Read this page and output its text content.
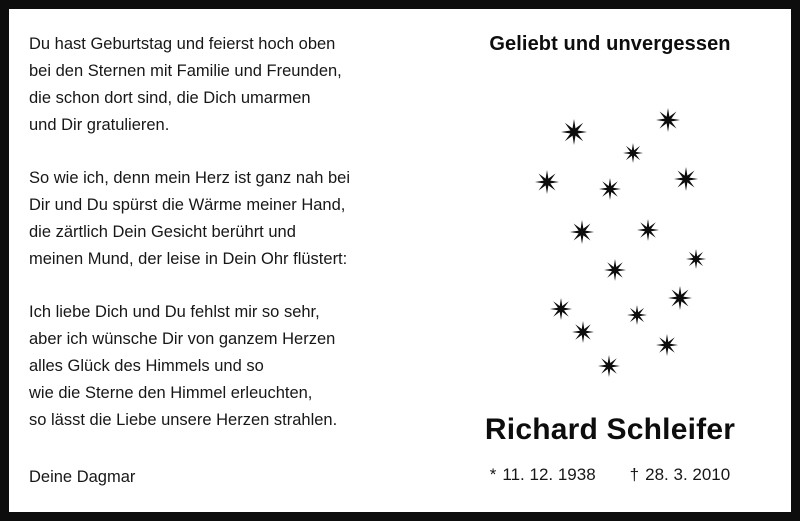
Du hast Geburtstag und feierst hoch oben
bei den Sternen mit Familie und Freunden,
die schon dort sind, die Dich umarmen
und Dir gratulieren.
So wie ich, denn mein Herz ist ganz nah bei
Dir und Du spürst die Wärme meiner Hand,
die zärtlich Dein Gesicht berührt und
meinen Mund, der leise in Dein Ohr flüstert:
Ich liebe Dich und Du fehlst mir so sehr,
aber ich wünsche Dir von ganzem Herzen
alles Glück des Himmels und so
wie die Sterne den Himmel erleuchten,
so lässt die Liebe unsere Herzen strahlen.
Deine Dagmar
Geliebt und unvergessen
Richard Schleifer
* 11. 12. 1938 † 28. 3. 2010
